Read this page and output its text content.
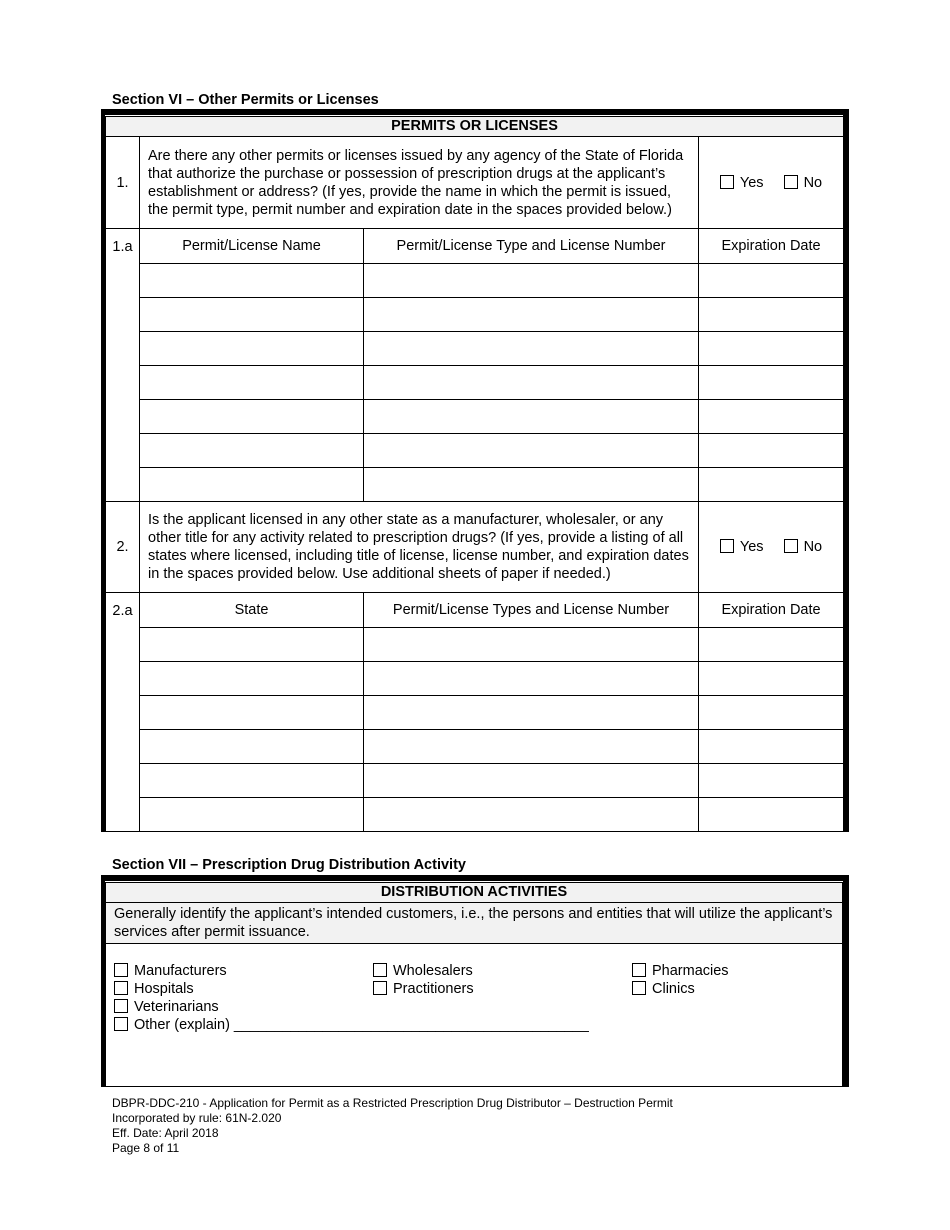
Section VI – Other Permits or Licenses
PERMITS OR LICENSES			
1.	Are there any other permits or licenses issued by any agency of the State of Florida that authorize the purchase or possession of prescription drugs at the applicant’s establishment or address? (If yes, provide the name in which the permit is issued, the permit type, permit number and expiration date in the spaces provided below.)		Yes No
1.a	Permit/License Name	Permit/License Type and License Number	Expiration Date

2.	Is the applicant licensed in any other state as a manufacturer, wholesaler, or any other title for any activity related to prescription drugs? (If yes, provide a listing of all states where licensed, including title of license, license number, and expiration dates in the spaces provided below. Use additional sheets of paper if needed.)		Yes No
2.a	State	Permit/License Types and License Number	Expiration Date

Section VII – Prescription Drug Distribution Activity
DISTRIBUTION ACTIVITIES
Generally identify the applicant’s intended customers, i.e., the persons and entities that will utilize the applicant’s services after permit issuance.

Manufacturers	Wholesalers	Pharmacies
Hospitals	Practitioners	Clinics
Veterinarians
Other (explain) ____________________________________________
DBPR-DDC-210 - Application for Permit as a Restricted Prescription Drug Distributor – Destruction Permit
Incorporated by rule: 61N-2.020
Eff. Date: April 2018
Page 8 of 11
